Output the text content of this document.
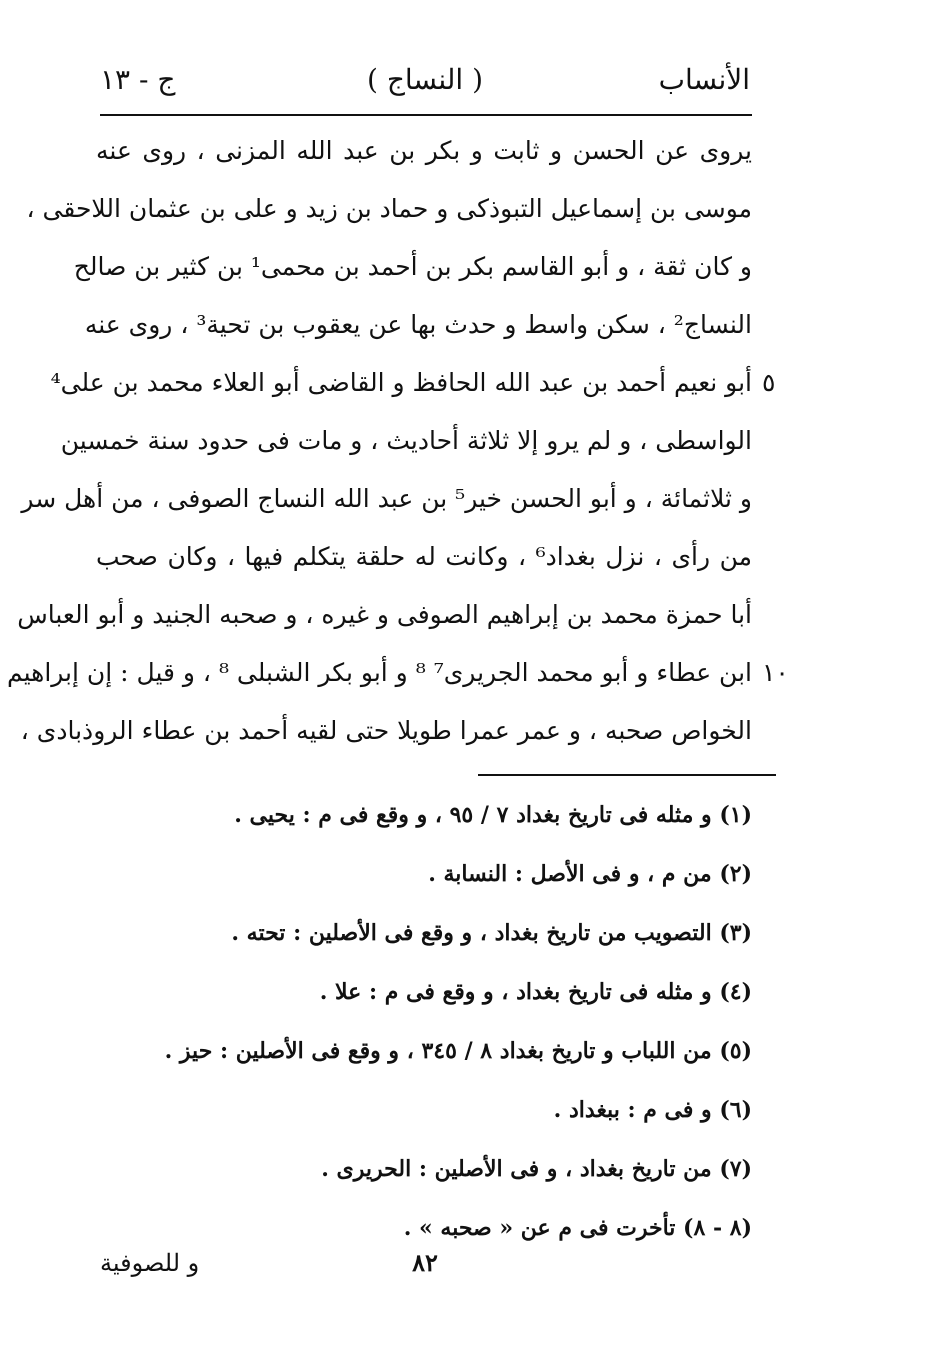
الأنساب
( النساج )
ج - ١٣
يروى عن الحسن و ثابت و بكر بن عبد الله المزنى ، روى عنه
موسى بن إسماعيل التبوذكى و حماد بن زيد و على بن عثمان اللاحقى ،
و كان ثقة ، و أبو القاسم بكر بن أحمد بن محمى¹ بن كثير بن صالح
النساج² ، سكن واسط و حدث بها عن يعقوب بن تحية³ ، روى عنه
٥
أبو نعيم أحمد بن عبد الله الحافظ و القاضى أبو العلاء محمد بن على⁴
الواسطى ، و لم يرو إلا ثلاثة أحاديث ، و مات فى حدود سنة خمسين
و ثلاثمائة ، و أبو الحسن خير⁵ بن عبد الله النساج الصوفى ، من أهل سر
من رأى ، نزل بغداد⁶ ، وكانت له حلقة يتكلم فيها ، وكان صحب
أبا حمزة محمد بن إبراهيم الصوفى و غيره ، و صحبه الجنيد و أبو العباس
١٠
ابن عطاء و أبو محمد الجريرى⁷ ⁸ و أبو بكر الشبلى ⁸ ، و قيل : إن إبراهيم
الخواص صحبه ، و عمر عمرا طويلا حتى لقيه أحمد بن عطاء الروذبادى ،
(١) و مثله فى تاريخ بغداد ٧ / ٩٥ ، و وقع فى م : يحيى .
(٢) من م ، و فى الأصل : النسابة .
(٣) التصويب من تاريخ بغداد ، و وقع فى الأصلين : تحته .
(٤) و مثله فى تاريخ بغداد ، و وقع فى م : علا .
(٥) من اللباب و تاريخ بغداد ٨ / ٣٤٥ ، و وقع فى الأصلين : حيز .
(٦) و فى م : ببغداد .
(٧) من تاريخ بغداد ، و فى الأصلين : الحريرى .
(٨ - ٨) تأخرت فى م عن « صحبه » .
٨٢
و للصوفية
